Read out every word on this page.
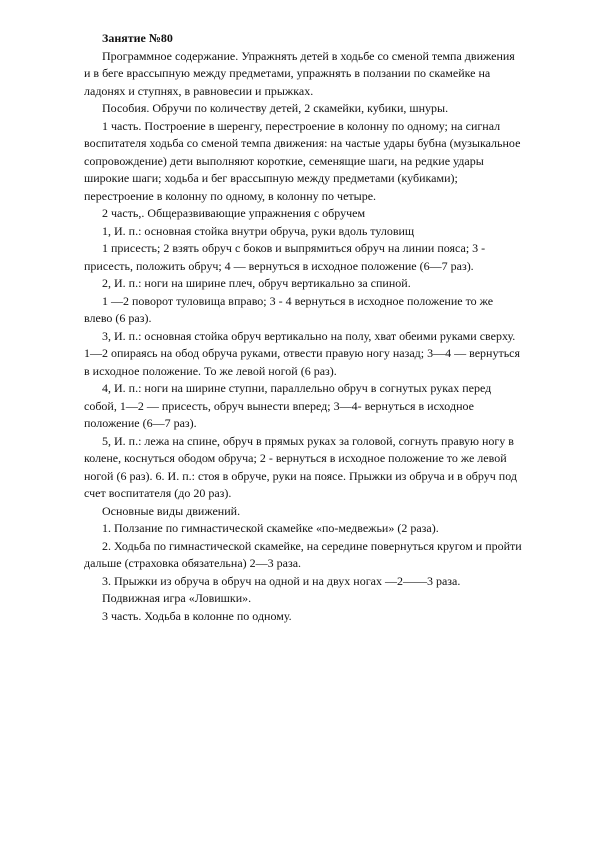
Занятие №80

Программное содержание. Упражнять детей в ходьбе со сменой темпа движения и в беге врассыпную между предметами, упражнять в ползании по скамейке на ладонях и ступнях, в равновесии и прыжках.

Пособия. Обручи по количеству детей, 2 скамейки, кубики, шнуры.

1 часть. Построение в шеренгу, перестроение в колонну по одному; на сигнал воспитателя ходьба со сменой темпа движения: на частые удары бубна (музыкальное сопровождение) дети выполняют короткие, семенящие шаги, на редкие удары широкие шаги; ходьба и бег врассыпную между предметами (кубиками); перестроение в колонну по одному, в колонну по четыре.

2 часть,. Общеразвивающие упражнения с обручем

1, И. п.: основная стойка внутри обруча, руки вдоль туловищ

1 присесть; 2 взять обруч с боков и выпрямиться обруч на линии пояса; 3 - присесть, положить обруч; 4 — вернуться в исходное положение (6—7 раз).

2, И. п.: ноги на ширине плеч, обруч вертикально за спиной.

1 —2 поворот туловища вправо; 3 - 4 вернуться в исходное положение то же влево (6 раз).

3, И. п.: основная стойка обруч вертикально на полу, хват обеими руками сверху. 1—2 опираясь на обод обруча руками, отвести правую ногу назад; 3—4 — вернуться в исходное положение. То же левой ногой (6 раз).

4, И. п.: ноги на ширине ступни, параллельно обруч в согнутых руках перед собой, 1—2 — присесть, обруч вынести вперед; 3—4- вернуться в исходное положение (6—7 раз).

5, И. п.: лежа на спине, обруч в прямых руках за головой, согнуть правую ногу в колене, коснуться ободом обруча; 2 - вернуться в исходное положение то же левой ногой (6 раз). 6. И. п.: стоя в обруче, руки на поясе. Прыжки из обруча и в обруч под счет воспитателя (до 20 раз).

Основные виды движений.

1. Ползание по гимнастической скамейке «по-медвежьи» (2 раза).

2. Ходьба по гимнастической скамейке, на середине повернуться кругом и пройти дальше (страховка обязательна) 2—3 раза.

3. Прыжки из обруча в обруч на одной и на двух ногах —2——3 раза.

Подвижная игра «Ловишки».

3 часть. Ходьба в колонне по одному.
